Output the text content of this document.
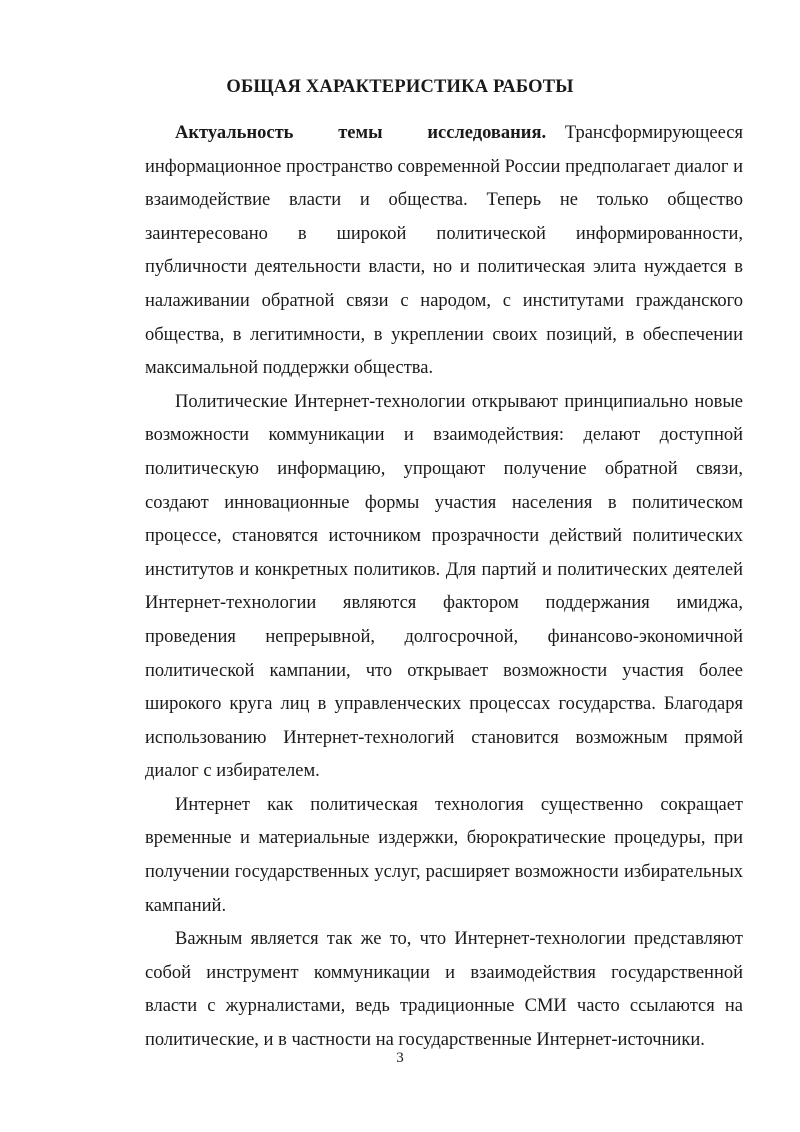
ОБЩАЯ ХАРАКТЕРИСТИКА РАБОТЫ

Актуальность темы исследования. Трансформирующееся информационное пространство современной России предполагает диалог и взаимодействие власти и общества. Теперь не только общество заинтересовано в широкой политической информированности, публичности деятельности власти, но и политическая элита нуждается в налаживании обратной связи с народом, с институтами гражданского общества, в легитимности, в укреплении своих позиций, в обеспечении максимальной поддержки общества.

Политические Интернет-технологии открывают принципиально новые возможности коммуникации и взаимодействия: делают доступной политическую информацию, упрощают получение обратной связи, создают инновационные формы участия населения в политическом процессе, становятся источником прозрачности действий политических институтов и конкретных политиков. Для партий и политических деятелей Интернет-технологии являются фактором поддержания имиджа, проведения непрерывной, долгосрочной, финансово-экономичной политической кампании, что открывает возможности участия более широкого круга лиц в управленческих процессах государства. Благодаря использованию Интернет-технологий становится возможным прямой диалог с избирателем.

Интернет как политическая технология существенно сокращает временные и материальные издержки, бюрократические процедуры, при получении государственных услуг, расширяет возможности избирательных кампаний.

Важным является так же то, что Интернет-технологии представляют собой инструмент коммуникации и взаимодействия государственной власти с журналистами, ведь традиционные СМИ часто ссылаются на политические, и в частности на государственные Интернет-источники.

3
